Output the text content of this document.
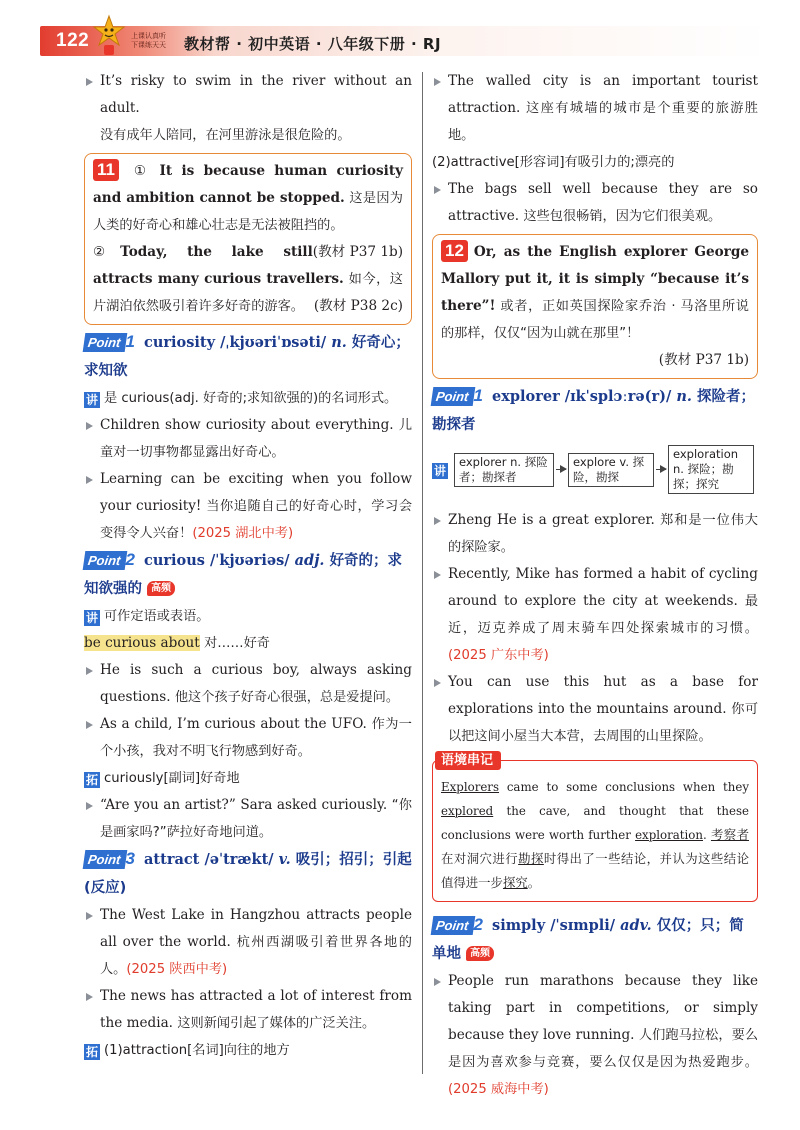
122	上课认真听
下课练天天 教材帮 · 初中英语 · 八年级下册 · RJ
It’s risky to swim in the river without an adult.
没有成年人陪同，在河里游泳是很危险的。
11 ① It is because human curiosity and ambition cannot be stopped. 这是因为人类的好奇心和雄心壮志是无法被阻挡的。
(教材 P37 1b)

②Today, the lake still attracts many curious travellers. 如今，这片湖泊依然吸引着许多好奇的游客。 (教材 P38 2c)
Point 1 curiosity /ˌkjʊəriˈɒsəti/ n. 好奇心；求知欲
讲 是 curious(adj. 好奇的;求知欲强的)的名词形式。
Children show curiosity about everything. 儿童对一切事物都显露出好奇心。
Learning can be exciting when you follow your curiosity! 当你追随自己的好奇心时，学习会变得令人兴奋！(2025 湖北中考)
Point 2 curious /ˈkjʊəriəs/ adj. 好奇的；求知欲强的 高频
讲 可作定语或表语。
be curious about 对……好奇
He is such a curious boy, always asking questions. 他这个孩子好奇心很强，总是爱提问。
As a child, I’m curious about the UFO. 作为一个小孩，我对不明飞行物感到好奇。
拓 curiously[副词]好奇地
“Are you an artist?” Sara asked curiously. “你是画家吗?”萨拉好奇地问道。
Point 3 attract /əˈtrækt/ v. 吸引；招引；引起(反应)
The West Lake in Hangzhou attracts people all over the world. 杭州西湖吸引着世界各地的人。(2025 陕西中考)
The news has attracted a lot of interest from the media. 这则新闻引起了媒体的广泛关注。
拓 (1)attraction[名词]向往的地方
The walled city is an important tourist attraction. 这座有城墙的城市是个重要的旅游胜地。
(2)attractive[形容词]有吸引力的;漂亮的
The bags sell well because they are so attractive. 这些包很畅销，因为它们很美观。
12 Or, as the English explorer George Mallory put it, it is simply “because it’s there”! 或者，正如英国探险家乔治 · 马洛里所说的那样，仅仅“因为山就在那里”！

(教材 P37 1b)
Point 1 explorer /ɪkˈsplɔːrə(r)/ n. 探险者；勘探者
讲
explorer n. 探险者；勘探者
explore v. 探险，勘探
exploration n. 探险；勘探；探究
Zheng He is a great explorer. 郑和是一位伟大的探险家。
Recently, Mike has formed a habit of cycling around to explore the city at weekends. 最近，迈克养成了周末骑车四处探索城市的习惯。(2025 广东中考)
You can use this hut as a base for explorations into the mountains around. 你可以把这间小屋当大本营，去周围的山里探险。
语境串记
Explorers came to some conclusions when they explored the cave, and thought that these conclusions were worth further exploration. 考察者在对洞穴进行勘探时得出了一些结论，并认为这些结论值得进一步探究。
Point 2 simply /ˈsɪmpli/ adv. 仅仅；只；简单地 高频
People run marathons because they like taking part in competitions, or simply because they love running. 人们跑马拉松，要么是因为喜欢参与竞赛，要么仅仅是因为热爱跑步。(2025 威海中考)
